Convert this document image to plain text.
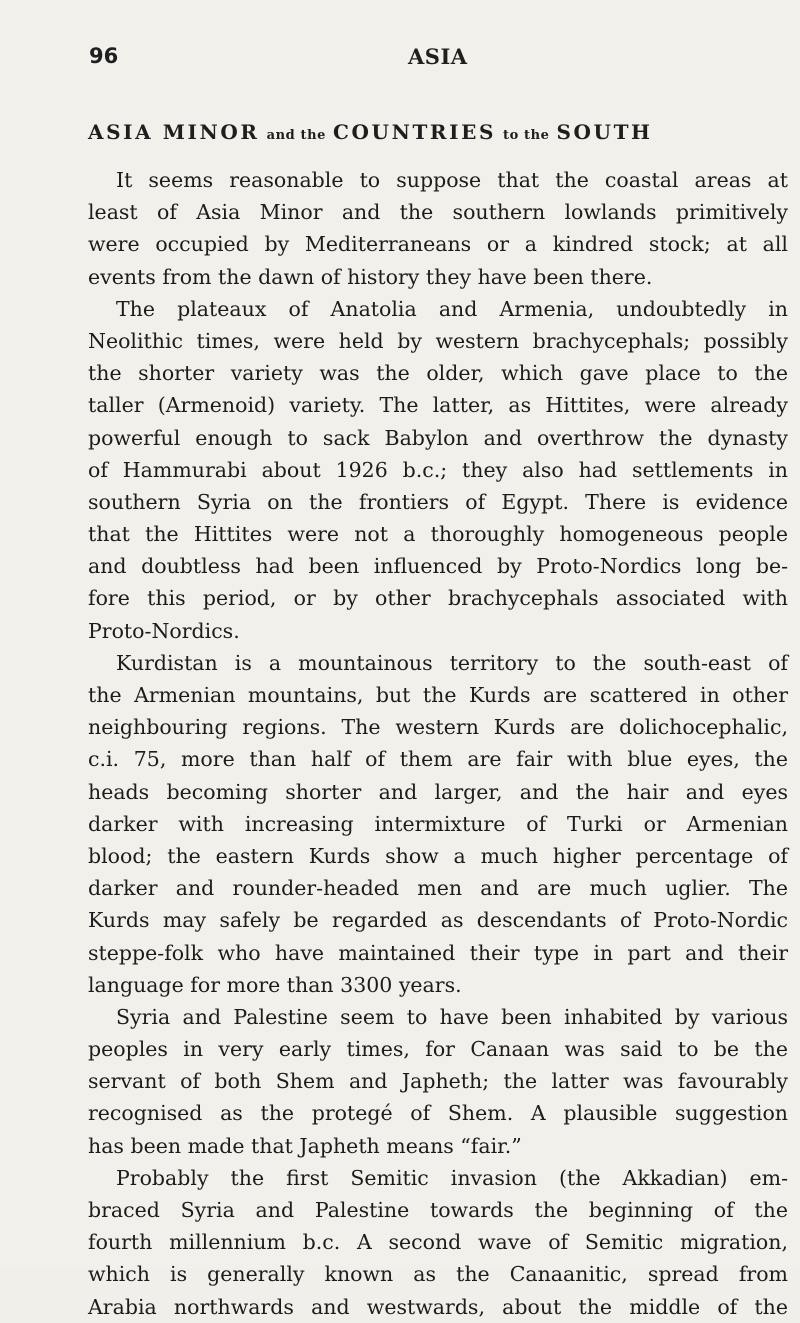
96	ASIA
ASIA MINOR and the COUNTRIES to the SOUTH
It seems reasonable to suppose that the coastal areas at
least of Asia Minor and the southern lowlands primitively
were occupied by Mediterraneans or a kindred stock; at all
events from the dawn of history they have been there.
The plateaux of Anatolia and Armenia, undoubtedly in
Neolithic times, were held by western brachycephals; possibly
the shorter variety was the older, which gave place to the
taller (Armenoid) variety. The latter, as Hittites, were already
powerful enough to sack Babylon and overthrow the dynasty
of Hammurabi about 1926 b.c.; they also had settlements in
southern Syria on the frontiers of Egypt. There is evidence
that the Hittites were not a thoroughly homogeneous people
and doubtless had been influenced by Proto-Nordics long be-
fore this period, or by other brachycephals associated with
Proto-Nordics.
Kurdistan is a mountainous territory to the south-east of
the Armenian mountains, but the Kurds are scattered in other
neighbouring regions. The western Kurds are dolichocephalic,
c.i. 75, more than half of them are fair with blue eyes, the
heads becoming shorter and larger, and the hair and eyes
darker with increasing intermixture of Turki or Armenian
blood; the eastern Kurds show a much higher percentage of
darker and rounder-headed men and are much uglier. The
Kurds may safely be regarded as descendants of Proto-Nordic
steppe-folk who have maintained their type in part and their
language for more than 3300 years.
Syria and Palestine seem to have been inhabited by various
peoples in very early times, for Canaan was said to be the
servant of both Shem and Japheth; the latter was favourably
recognised as the protegé of Shem. A plausible suggestion
has been made that Japheth means “fair.”
Probably the first Semitic invasion (the Akkadian) em-
braced Syria and Palestine towards the beginning of the
fourth millennium b.c. A second wave of Semitic migration,
which is generally known as the Canaanitic, spread from
Arabia northwards and westwards, about the middle of the
